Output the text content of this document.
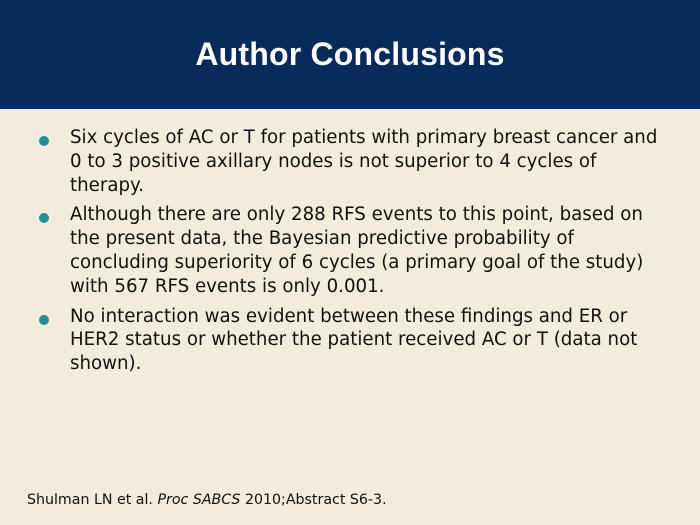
Author Conclusions
Six cycles of AC or T for patients with primary breast cancer and 0 to 3 positive axillary nodes is not superior to 4 cycles of therapy.
Although there are only 288 RFS events to this point, based on the present data, the Bayesian predictive probability of concluding superiority of 6 cycles (a primary goal of the study) with 567 RFS events is only 0.001.
No interaction was evident between these findings and ER or HER2 status or whether the patient received AC or T (data not shown).
Shulman LN et al. Proc SABCS 2010;Abstract S6-3.
